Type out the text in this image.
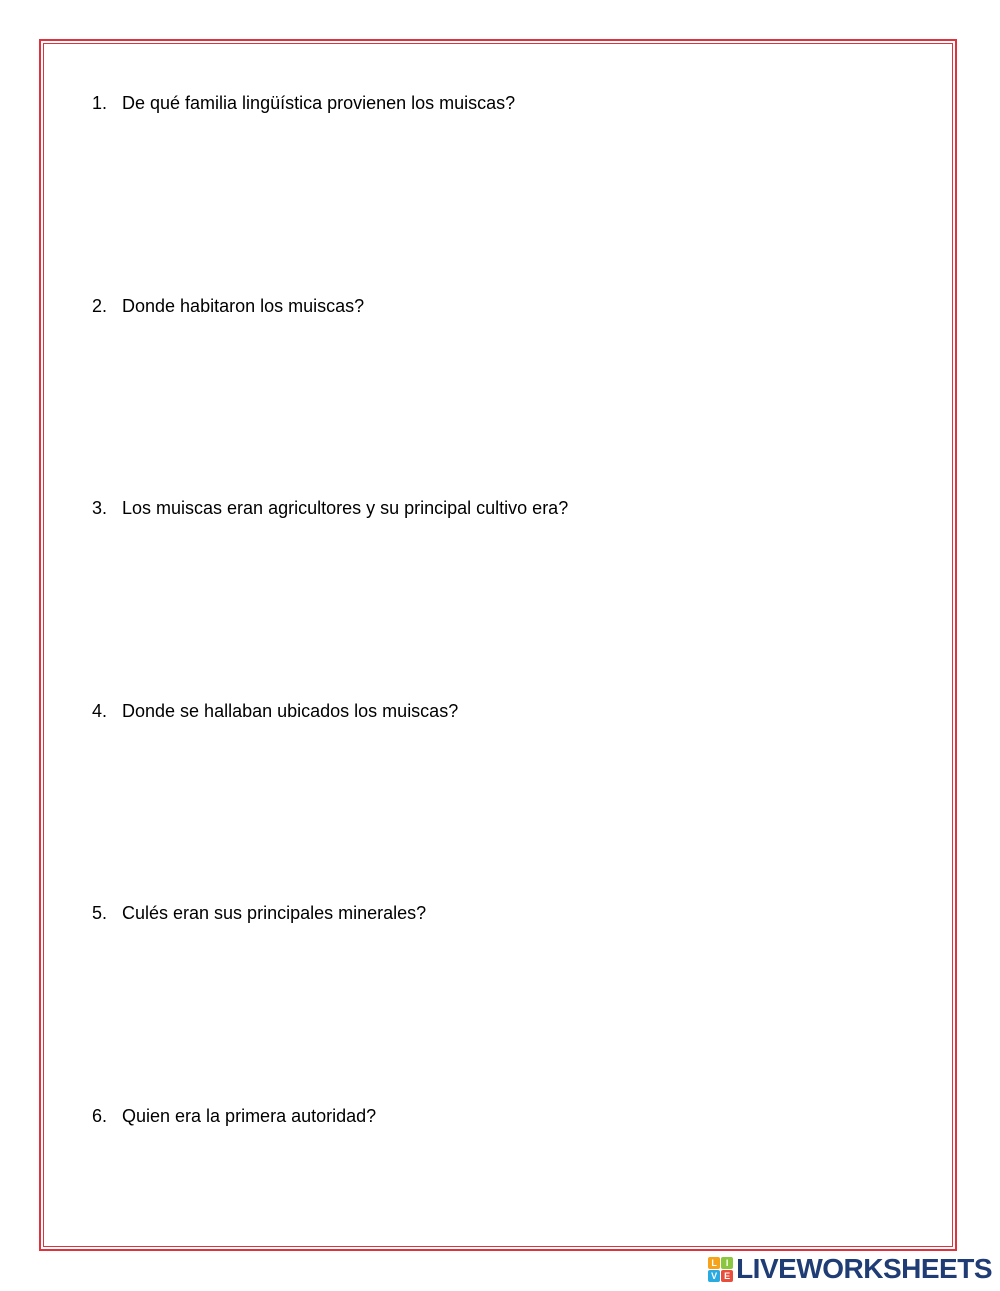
1. De qué familia lingüística provienen los muiscas?
2. Donde habitaron los muiscas?
3. Los muiscas eran agricultores y su principal cultivo era?
4. Donde se hallaban ubicados los muiscas?
5. Culés eran sus principales minerales?
6. Quien era la primera autoridad?
L I
V E LIVEWORKSHEETS
